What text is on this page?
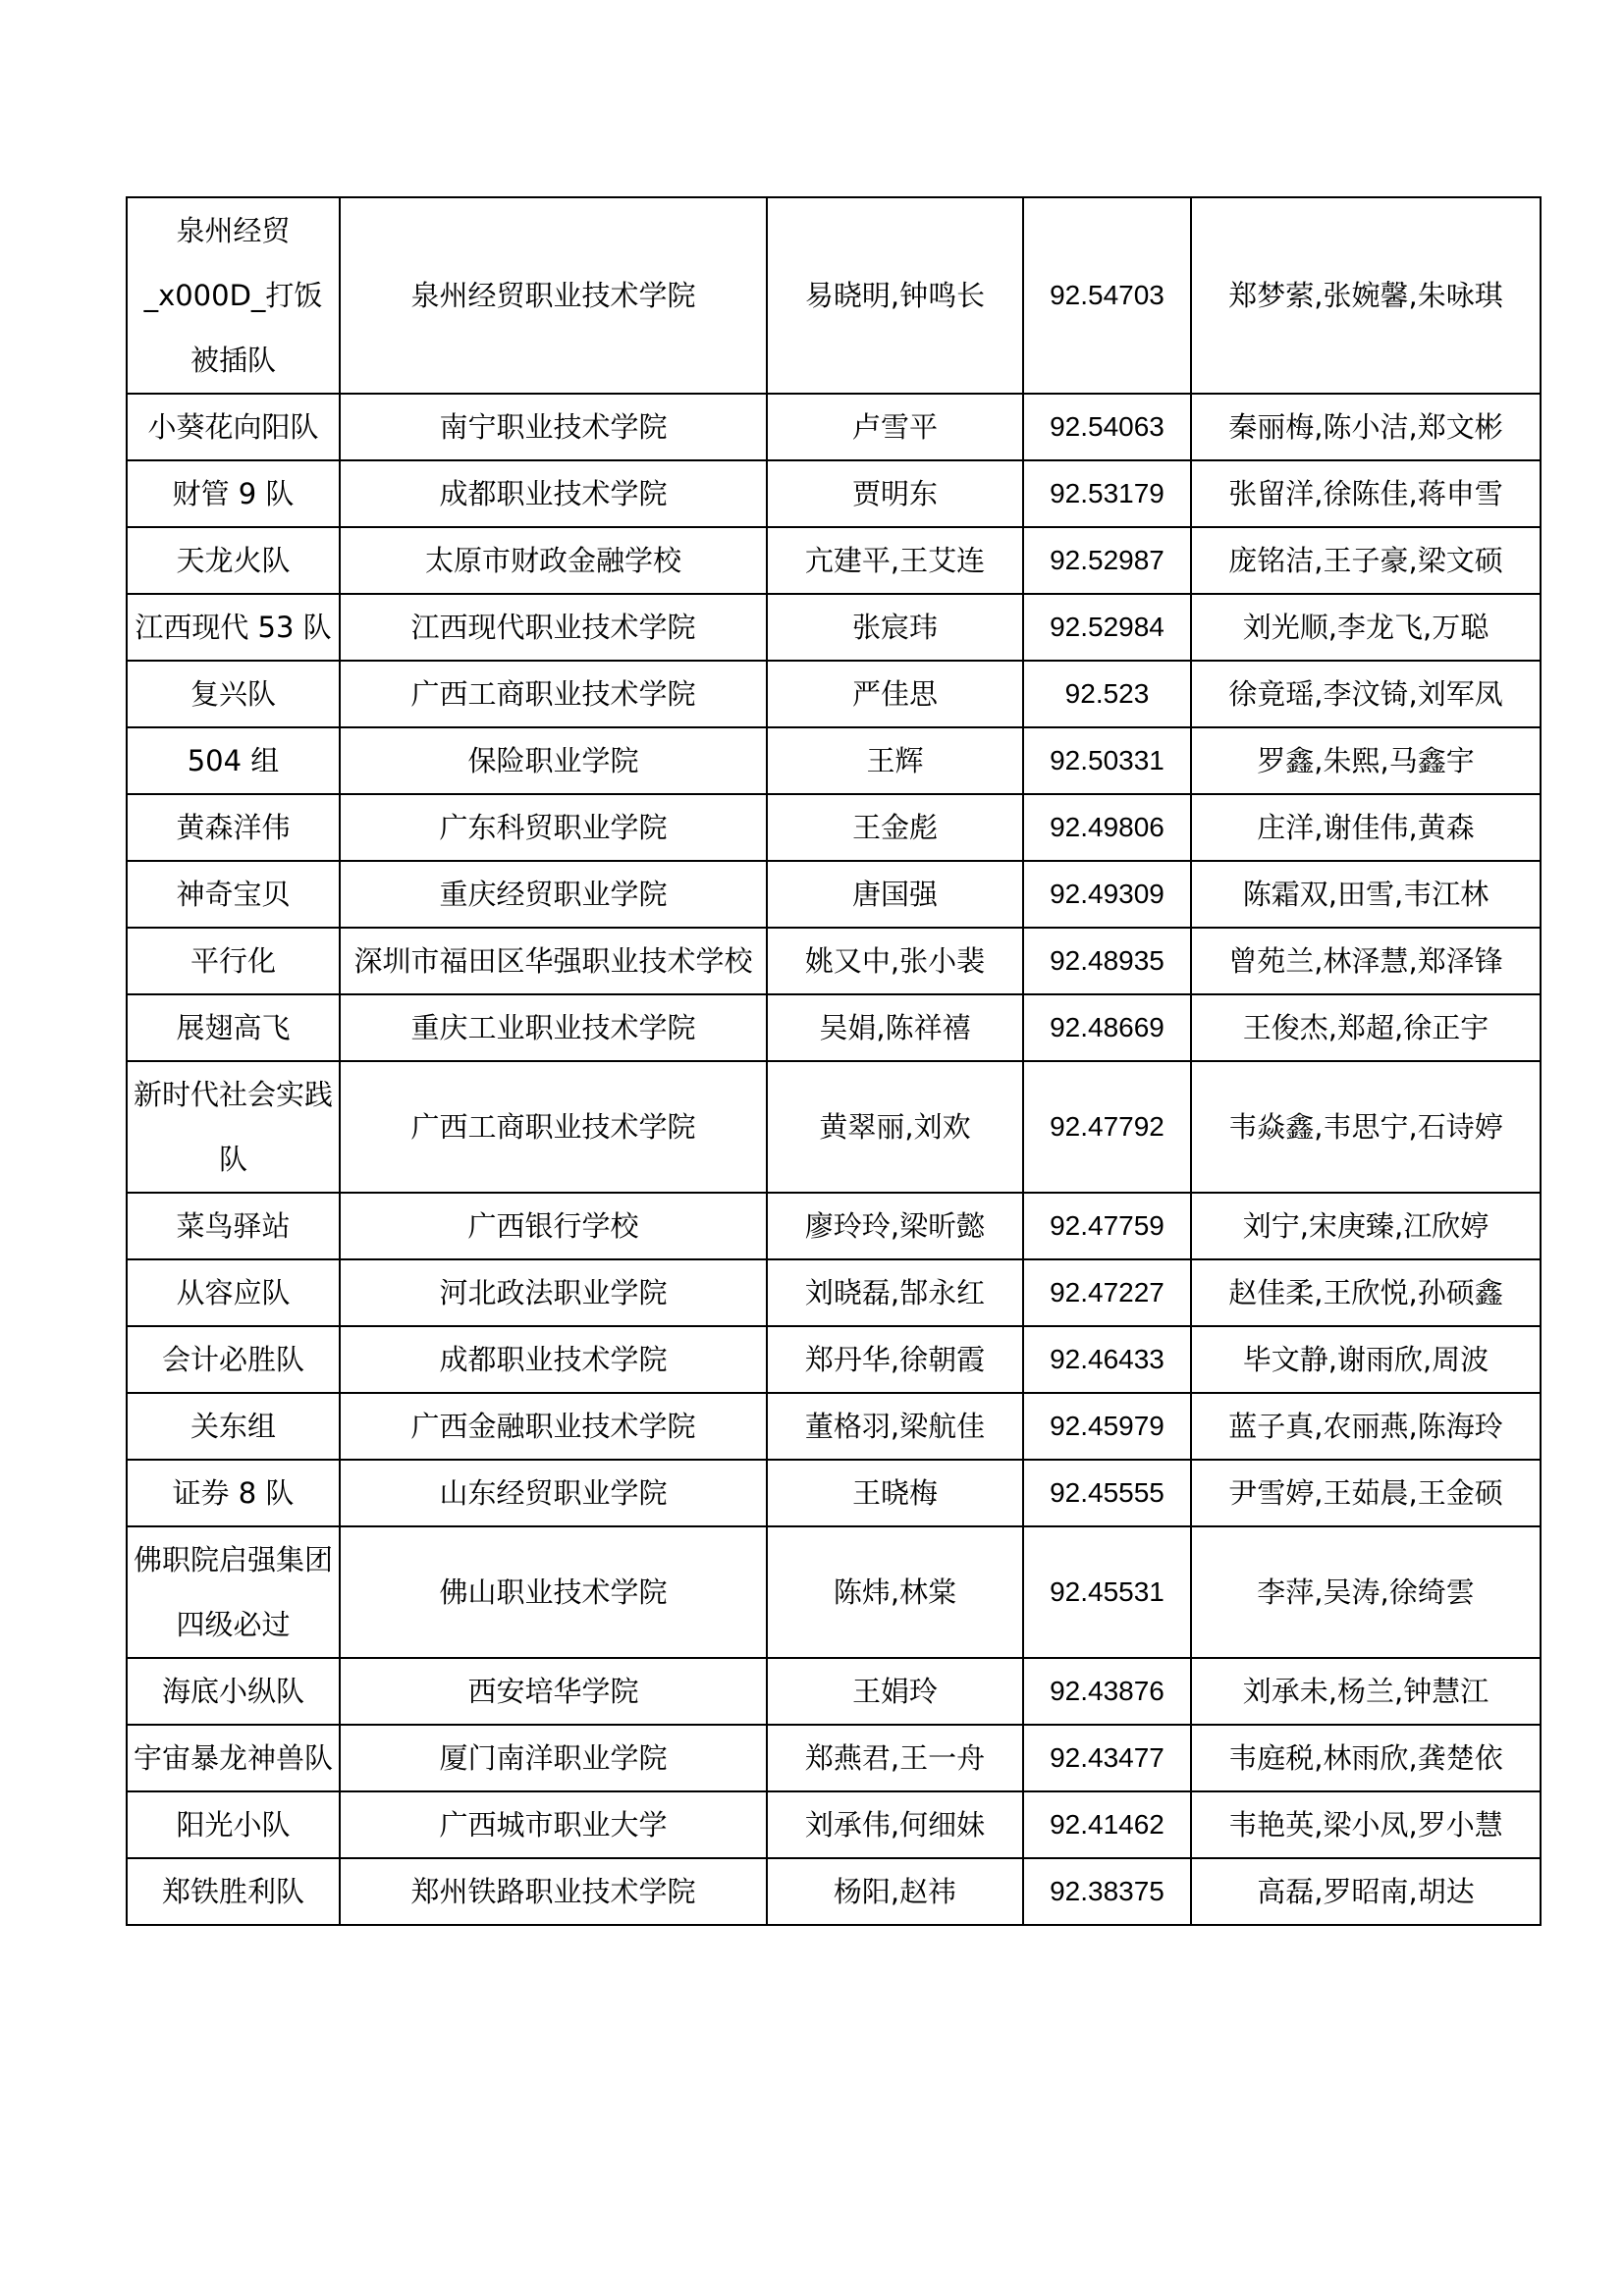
泉州经贸_x000D_打饭被插队	泉州经贸职业技术学院	易晓明,钟鸣长	92.54703	郑梦萦,张婉馨,朱咏琪
小葵花向阳队	南宁职业技术学院	卢雪平	92.54063	秦丽梅,陈小洁,郑文彬
财管 9 队	成都职业技术学院	贾明东	92.53179	张留洋,徐陈佳,蒋申雪
天龙火队	太原市财政金融学校	亢建平,王艾连	92.52987	庞铭洁,王子豪,梁文硕
江西现代 53 队	江西现代职业技术学院	张宸玮	92.52984	刘光顺,李龙飞,万聪
复兴队	广西工商职业技术学院	严佳思	92.523	徐竟瑶,李汶锜,刘军凤
504 组	保险职业学院	王辉	92.50331	罗鑫,朱熙,马鑫宇
黄森洋伟	广东科贸职业学院	王金彪	92.49806	庄洋,谢佳伟,黄森
神奇宝贝	重庆经贸职业学院	唐国强	92.49309	陈霜双,田雪,韦江林
平行化	深圳市福田区华强职业技术学校	姚又中,张小裴	92.48935	曾苑兰,林泽慧,郑泽锋
展翅高飞	重庆工业职业技术学院	吴娟,陈祥禧	92.48669	王俊杰,郑超,徐正宇
新时代社会实践队	广西工商职业技术学院	黄翠丽,刘欢	92.47792	韦焱鑫,韦思宁,石诗婷
菜鸟驿站	广西银行学校	廖玲玲,梁昕懿	92.47759	刘宁,宋庚臻,江欣婷
从容应队	河北政法职业学院	刘晓磊,郜永红	92.47227	赵佳柔,王欣悦,孙硕鑫
会计必胜队	成都职业技术学院	郑丹华,徐朝霞	92.46433	毕文静,谢雨欣,周波
关东组	广西金融职业技术学院	董格羽,梁航佳	92.45979	蓝子真,农丽燕,陈海玲
证券 8 队	山东经贸职业学院	王晓梅	92.45555	尹雪婷,王茹晨,王金硕
佛职院启强集团四级必过	佛山职业技术学院	陈炜,林棠	92.45531	李萍,吴涛,徐绮雲
海底小纵队	西安培华学院	王娟玲	92.43876	刘承未,杨兰,钟慧江
宇宙暴龙神兽队	厦门南洋职业学院	郑燕君,王一舟	92.43477	韦庭税,林雨欣,龚楚依
阳光小队	广西城市职业大学	刘承伟,何细妹	92.41462	韦艳英,梁小凤,罗小慧
郑铁胜利队	郑州铁路职业技术学院	杨阳,赵祎	92.38375	高磊,罗昭南,胡达
